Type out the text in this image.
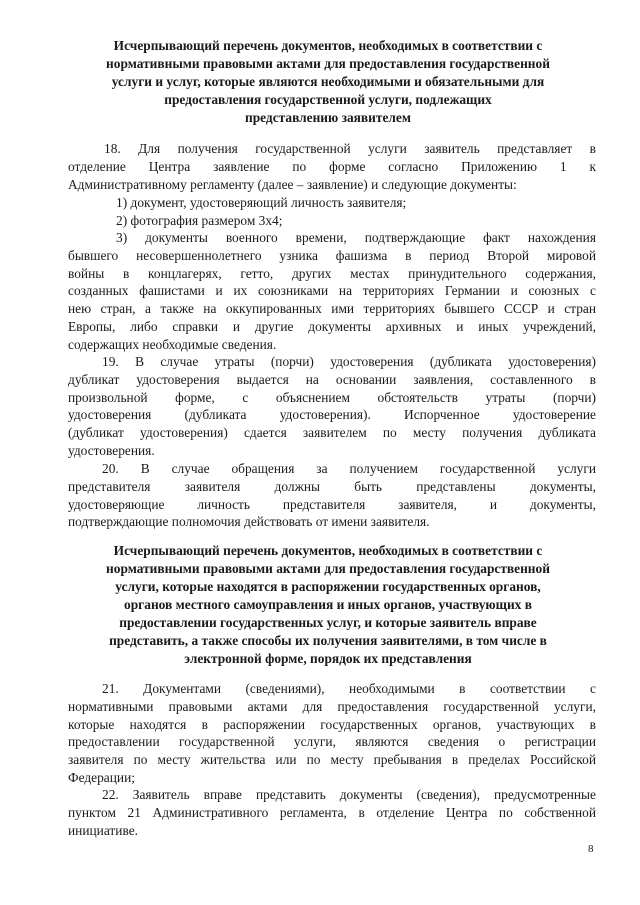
Исчерпывающий перечень документов, необходимых в соответствии с
нормативными правовыми актами для предоставления государственной
услуги и услуг, которые являются необходимыми и обязательными для
предоставления государственной услуги, подлежащих
представлению заявителем
18. Для получения государственной услуги заявитель представляет в
отделение Центра заявление по форме согласно Приложению 1 к
Административному регламенту (далее – заявление) и следующие документы:
1) документ, удостоверяющий личность заявителя;
2) фотография размером 3х4;
3) документы военного времени, подтверждающие факт нахождения
бывшего несовершеннолетнего узника фашизма в период Второй мировой
войны в концлагерях, гетто, других местах принудительного содержания,
созданных фашистами и их союзниками на территориях Германии и союзных с
нею стран, а также на оккупированных ими территориях бывшего СССР и стран
Европы, либо справки и другие документы архивных и иных учреждений,
содержащих необходимые сведения.
19. В случае утраты (порчи) удостоверения (дубликата удостоверения)
дубликат удостоверения выдается на основании заявления, составленного в
произвольной форме, с объяснением обстоятельств утраты (порчи)
удостоверения (дубликата удостоверения). Испорченное удостоверение
(дубликат удостоверения) сдается заявителем по месту получения дубликата
удостоверения.
20. В случае обращения за получением государственной услуги
представителя заявителя должны быть представлены документы,
удостоверяющие личность представителя заявителя, и документы,
подтверждающие полномочия действовать от имени заявителя.
Исчерпывающий перечень документов, необходимых в соответствии с
нормативными правовыми актами для предоставления государственной
услуги, которые находятся в распоряжении государственных органов,
органов местного самоуправления и иных органов, участвующих в
предоставлении государственных услуг, и которые заявитель вправе
представить, а также способы их получения заявителями, в том числе в
электронной форме, порядок их представления
21. Документами (сведениями), необходимыми в соответствии с
нормативными правовыми актами для предоставления государственной услуги,
которые находятся в распоряжении государственных органов, участвующих в
предоставлении государственной услуги, являются сведения о регистрации
заявителя по месту жительства или по месту пребывания в пределах Российской
Федерации;
22. Заявитель вправе представить документы (сведения), предусмотренные
пунктом 21 Административного регламента, в отделение Центра по собственной
инициативе.
8
